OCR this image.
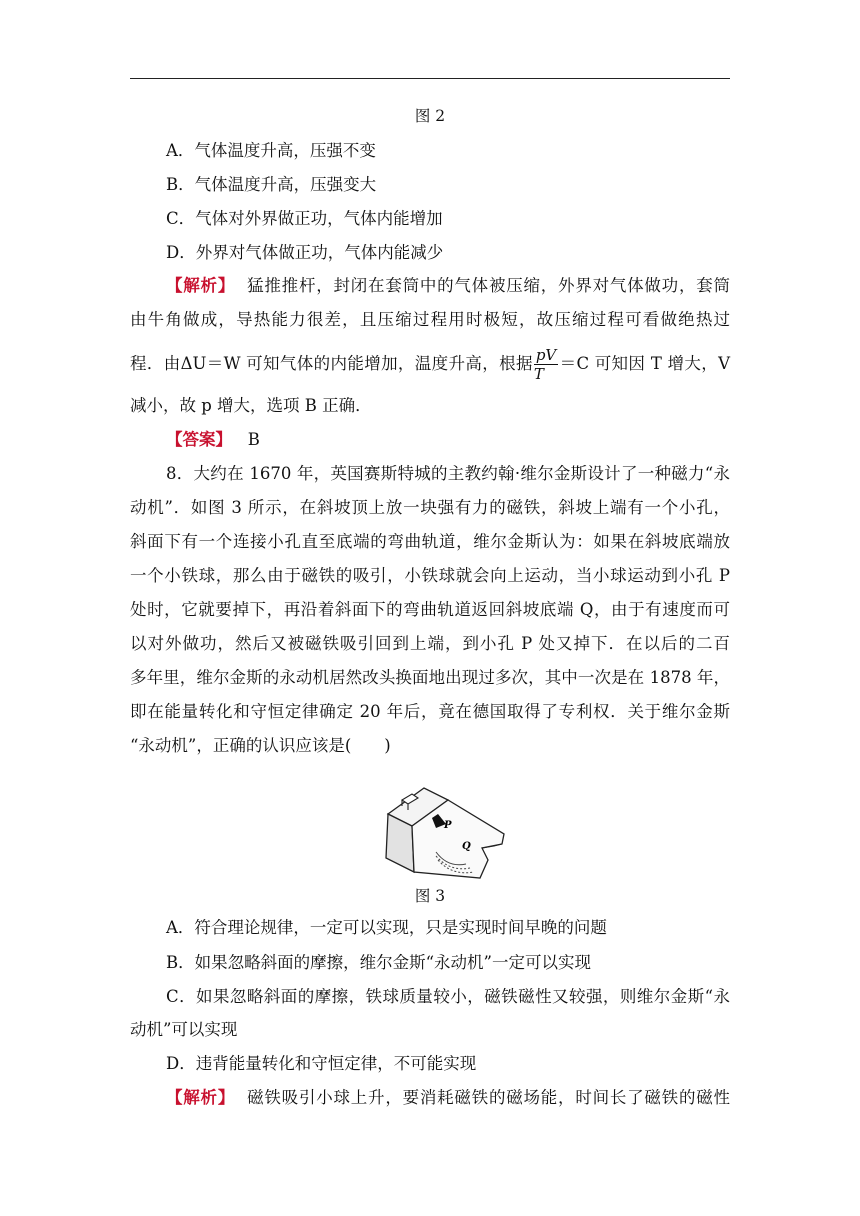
图 2
A．气体温度升高，压强不变
B．气体温度升高，压强变大
C．气体对外界做正功，气体内能增加
D．外界对气体做正功，气体内能减少
【解析】 猛推推杆，封闭在套筒中的气体被压缩，外界对气体做功，套筒
由牛角做成，导热能力很差，且压缩过程用时极短，故压缩过程可看做绝热过
程．由ΔU＝W 可知气体的内能增加，温度升高，根据 $\frac{pV}{T} =C$ 可知因 T 增大，V
减小，故 p 增大，选项 B 正确．
【答案】 B
8．大约在 1670 年，英国赛斯特城的主教约翰·维尔金斯设计了一种磁力“永
动机”．如图 3 所示，在斜坡顶上放一块强有力的磁铁，斜坡上端有一个小孔，
斜面下有一个连接小孔直至底端的弯曲轨道，维尔金斯认为：如果在斜坡底端放
一个小铁球，那么由于磁铁的吸引，小铁球就会向上运动，当小球运动到小孔 P
处时，它就要掉下，再沿着斜面下的弯曲轨道返回斜坡底端 Q，由于有速度而可
以对外做功，然后又被磁铁吸引回到上端，到小孔 P 处又掉下．在以后的二百
多年里，维尔金斯的永动机居然改头换面地出现过多次，其中一次是在 1878 年，
即在能量转化和守恒定律确定 20 年后，竟在德国取得了专利权．关于维尔金斯
“永动机”，正确的认识应该是(　　)
P
Q
图 3
A．符合理论规律，一定可以实现，只是实现时间早晚的问题
B．如果忽略斜面的摩擦，维尔金斯“永动机”一定可以实现
C．如果忽略斜面的摩擦，铁球质量较小，磁铁磁性又较强，则维尔金斯“永
动机”可以实现
D．违背能量转化和守恒定律，不可能实现
【解析】 磁铁吸引小球上升，要消耗磁铁的磁场能，时间长了磁铁的磁性
